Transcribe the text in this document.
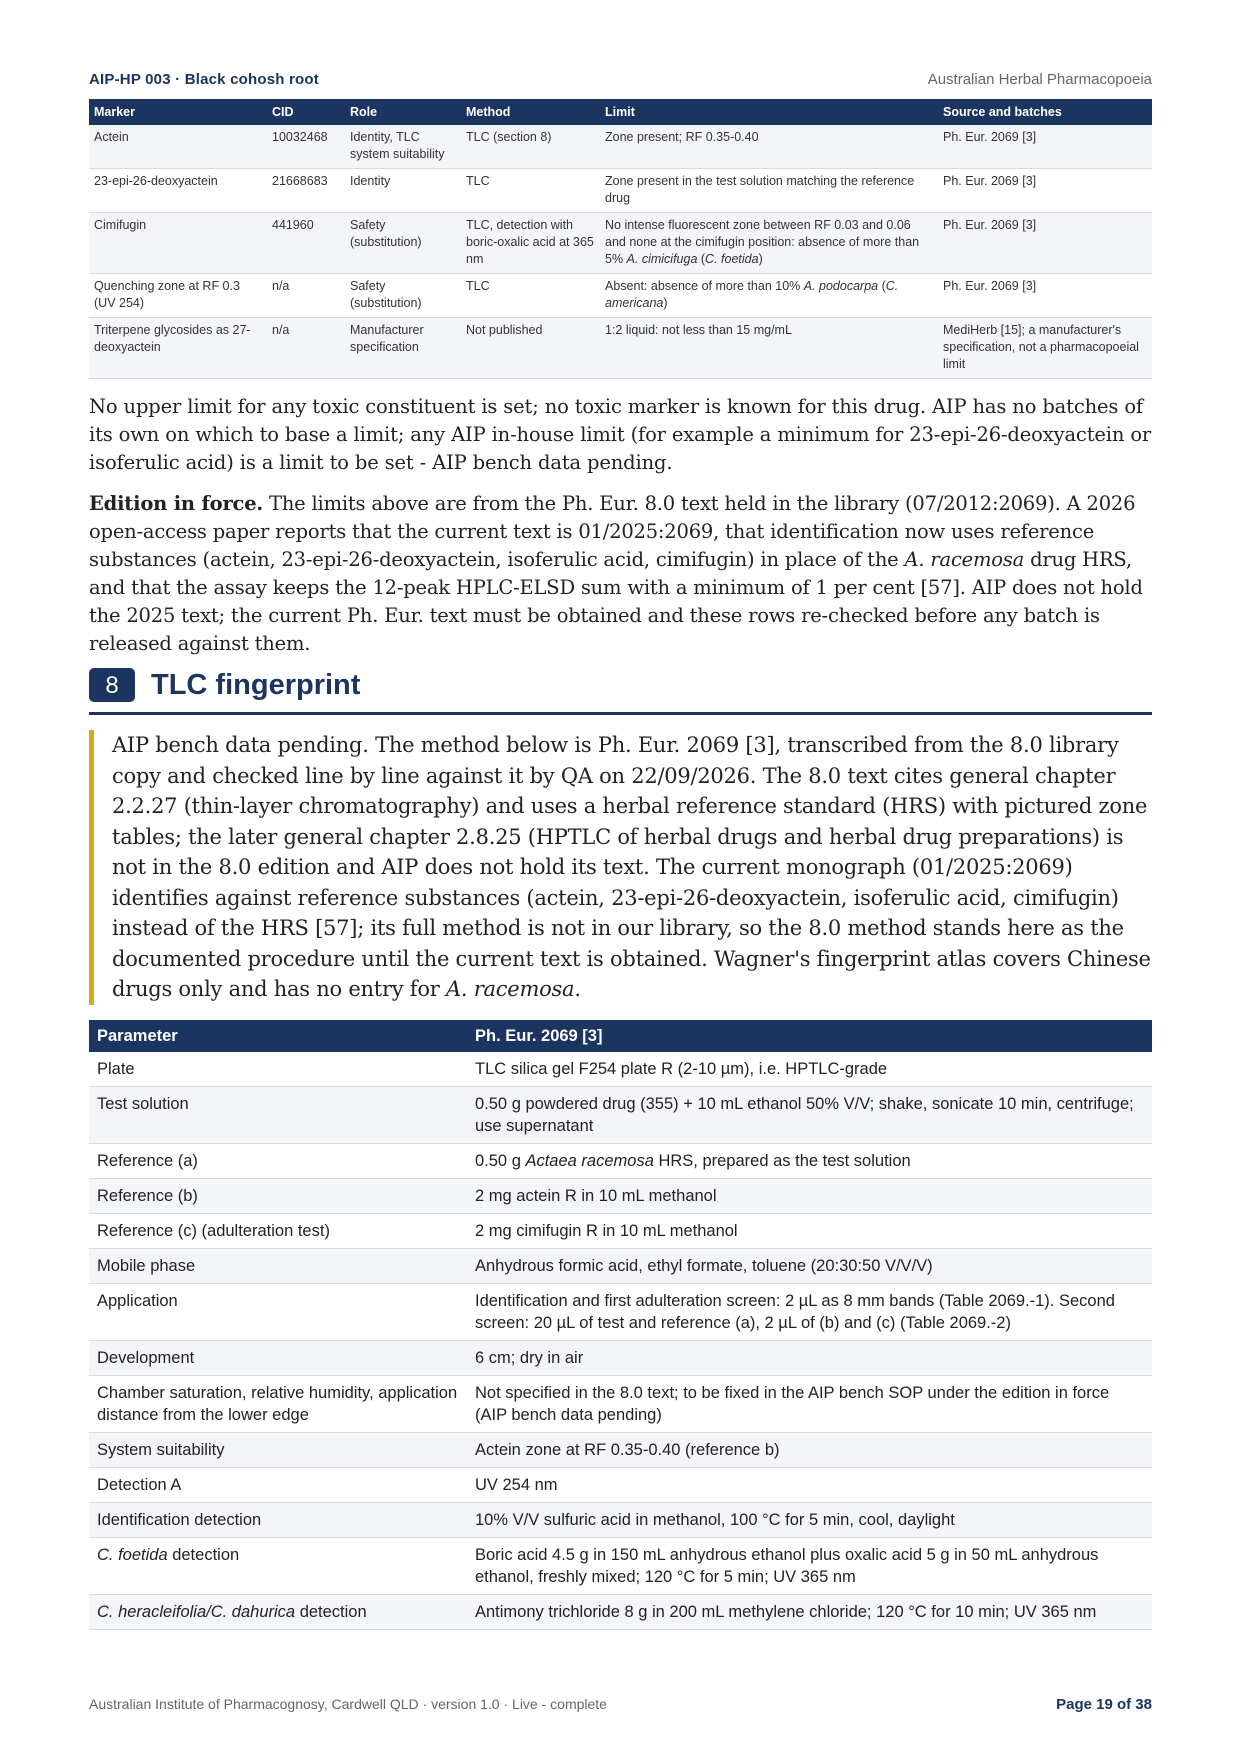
AIP-HP 003 · Black cohosh root	Australian Herbal Pharmacopoeia
Marker	CID	Role	Method	Limit	Source and batches
Actein	10032468	Identity, TLC system suitability	TLC (section 8)	Zone present; RF 0.35-0.40	Ph. Eur. 2069 [3]
23-epi-26-deoxyactein	21668683	Identity	TLC	Zone present in the test solution matching the reference drug	Ph. Eur. 2069 [3]
Cimifugin	441960	Safety (substitution)	TLC, detection with boric-oxalic acid at 365 nm	No intense fluorescent zone between RF 0.03 and 0.06 and none at the cimifugin position: absence of more than 5% A. cimicifuga (C. foetida)	Ph. Eur. 2069 [3]
Quenching zone at RF 0.3 (UV 254)	n/a	Safety (substitution)	TLC	Absent: absence of more than 10% A. podocarpa (C. americana)	Ph. Eur. 2069 [3]
Triterpene glycosides as 27-deoxyactein	n/a	Manufacturer specification	Not published	1:2 liquid: not less than 15 mg/mL	MediHerb [15]; a manufacturer's specification, not a pharmacopoeial limit

No upper limit for any toxic constituent is set; no toxic marker is known for this drug. AIP has no batches of its own on which to base a limit; any AIP in-house limit (for example a minimum for 23-epi-26-deoxyactein or isoferulic acid) is a limit to be set - AIP bench data pending.

Edition in force. The limits above are from the Ph. Eur. 8.0 text held in the library (07/2012:2069). A 2026 open-access paper reports that the current text is 01/2025:2069, that identification now uses reference substances (actein, 23-epi-26-deoxyactein, isoferulic acid, cimifugin) in place of the A. racemosa drug HRS, and that the assay keeps the 12-peak HPLC-ELSD sum with a minimum of 1 per cent [57]. AIP does not hold the 2025 text; the current Ph. Eur. text must be obtained and these rows re-checked before any batch is released against them.

8	TLC fingerprint

AIP bench data pending. The method below is Ph. Eur. 2069 [3], transcribed from the 8.0 library copy and checked line by line against it by QA on 22/09/2026. The 8.0 text cites general chapter 2.2.27 (thin-layer chromatography) and uses a herbal reference standard (HRS) with pictured zone tables; the later general chapter 2.8.25 (HPTLC of herbal drugs and herbal drug preparations) is not in the 8.0 edition and AIP does not hold its text. The current monograph (01/2025:2069) identifies against reference substances (actein, 23-epi-26-deoxyactein, isoferulic acid, cimifugin) instead of the HRS [57]; its full method is not in our library, so the 8.0 method stands here as the documented procedure until the current text is obtained. Wagner's fingerprint atlas covers Chinese drugs only and has no entry for A. racemosa.

Parameter	Ph. Eur. 2069 [3]
Plate	TLC silica gel F254 plate R (2-10 µm), i.e. HPTLC-grade
Test solution	0.50 g powdered drug (355) + 10 mL ethanol 50% V/V; shake, sonicate 10 min, centrifuge; use supernatant
Reference (a)	0.50 g Actaea racemosa HRS, prepared as the test solution
Reference (b)	2 mg actein R in 10 mL methanol
Reference (c) (adulteration test)	2 mg cimifugin R in 10 mL methanol
Mobile phase	Anhydrous formic acid, ethyl formate, toluene (20:30:50 V/V/V)
Application	Identification and first adulteration screen: 2 µL as 8 mm bands (Table 2069.-1). Second screen: 20 µL of test and reference (a), 2 µL of (b) and (c) (Table 2069.-2)
Development	6 cm; dry in air
Chamber saturation, relative humidity, application distance from the lower edge	Not specified in the 8.0 text; to be fixed in the AIP bench SOP under the edition in force (AIP bench data pending)
System suitability	Actein zone at RF 0.35-0.40 (reference b)
Detection A	UV 254 nm
Identification detection	10% V/V sulfuric acid in methanol, 100 °C for 5 min, cool, daylight
C. foetida detection	Boric acid 4.5 g in 150 mL anhydrous ethanol plus oxalic acid 5 g in 50 mL anhydrous ethanol, freshly mixed; 120 °C for 5 min; UV 365 nm
C. heracleifolia/C. dahurica detection	Antimony trichloride 8 g in 200 mL methylene chloride; 120 °C for 10 min; UV 365 nm
Australian Institute of Pharmacognosy, Cardwell QLD · version 1.0 · Live - complete	Page 19 of 38
